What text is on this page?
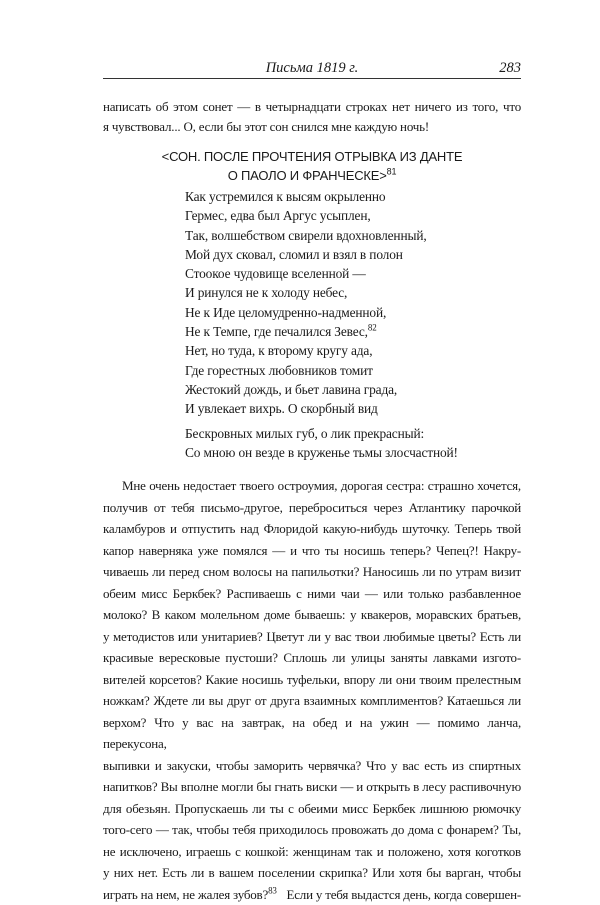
Письма 1819 г.	283
написать об этом сонет — в четырнадцати строках нет ничего из того, что
я чувствовал... О, если бы этот сон снился мне каждую ночь!
<СОН. ПОСЛЕ ПРОЧТЕНИЯ ОТРЫВКА ИЗ ДАНТЕ
О ПАОЛО И ФРАНЧЕСКЕ>$^{81}$
Как устремился к высям окрыленно
Гермес, едва был Аргус усыплен,
Так, волшебством свирели вдохновленный,
Мой дух сковал, сломил и взял в полон
Стоокое чудовище вселенной —
И ринулся не к холоду небес,
Не к Иде целомудренно-надменной,
Не к Темпе, где печалился Зевес,$^{82}$
Нет, но туда, к второму кругу ада,
Где горестных любовников томит
Жестокий дождь, и бьет лавина града,
И увлекает вихрь. О скорбный вид
Бескровных милых губ, о лик прекрасный:
Со мною он везде в круженье тьмы злосчастной!
Мне очень недостает твоего остроумия, дорогая сестра: страшно хочется,
получив от тебя письмо-другое, переброситься через Атлантику парочкой
каламбуров и отпустить над Флоридой какую-нибудь шуточку. Теперь твой
капор наверняка уже помялся — и что ты носишь теперь? Чепец?! Накру-
чиваешь ли перед сном волосы на папильотки? Наносишь ли по утрам визит
обеим мисс Беркбек? Распиваешь с ними чаи — или только разбавленное
молоко? В каком молельном доме бываешь: у квакеров, моравских братьев,
у методистов или унитариев? Цветут ли у вас твои любимые цветы? Есть ли
красивые вересковые пустоши? Сплошь ли улицы заняты лавками изгото-
вителей корсетов? Какие носишь туфельки, впору ли они твоим прелестным
ножкам? Ждете ли вы друг от друга взаимных комплиментов? Катаешься ли
верхом? Что у вас на завтрак, на обед и на ужин — помимо ланча, перекусона,
выпивки и закуски, чтобы заморить червячка? Что у вас есть из спиртных
напитков? Вы вполне могли бы гнать виски — и открыть в лесу распивочную
для обезьян. Пропускаешь ли ты с обеими мисс Беркбек лишнюю рюмочку
того-сего — так, чтобы тебя приходилось провожать до дома с фонарем? Ты,
не исключено, играешь с кошкой: женщинам так и положено, хотя коготков
у них нет. Есть ли в вашем поселении скрипка? Или хотя бы варган, чтобы
играть на нем, не жалея зубов?$^{83}$ Если у тебя выдастся день, когда совершен-
